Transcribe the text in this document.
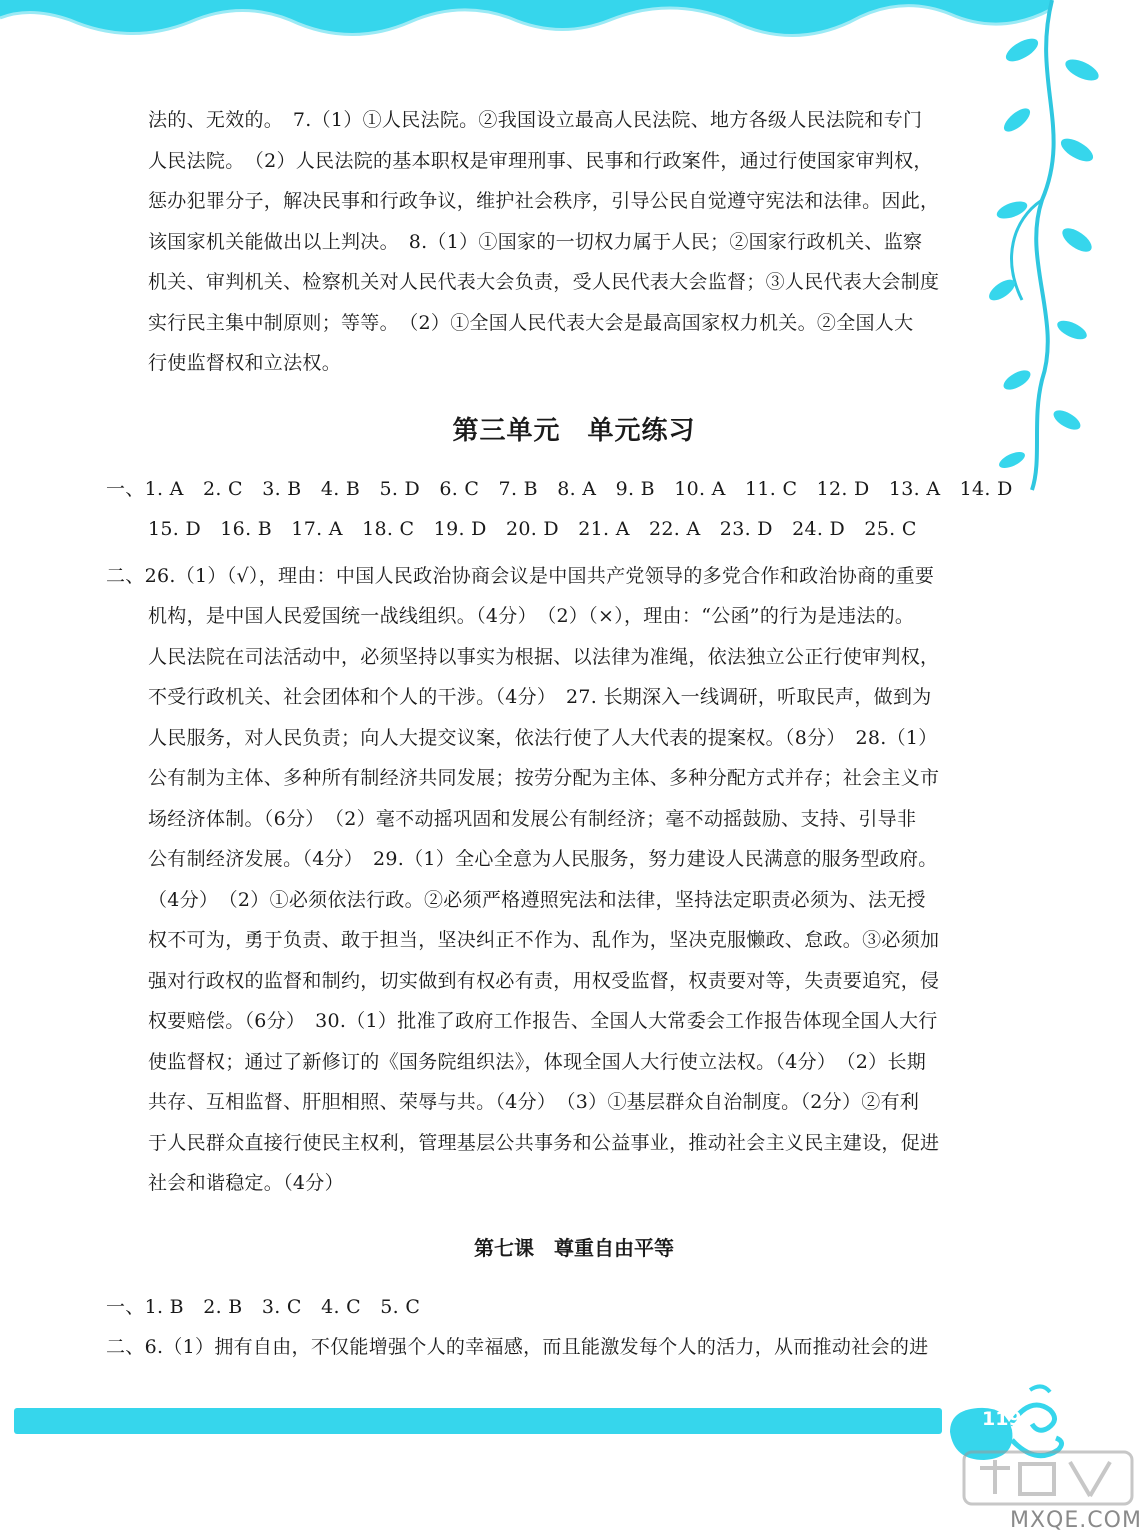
法的、无效的。　7.（1）①人民法院。②我国设立最高人民法院、地方各级人民法院和专门

人民法院。　（2）人民法院的基本职权是审理刑事、民事和行政案件，通过行使国家审判权，

惩办犯罪分子，解决民事和行政争议，维护社会秩序，引导公民自觉遵守宪法和法律。因此，

该国家机关能做出以上判决。　8.（1）①国家的一切权力属于人民；②国家行政机关、监察

机关、审判机关、检察机关对人民代表大会负责，受人民代表大会监督；③人民代表大会制度

实行民主集中制原则；等等。　（2）①全国人民代表大会是最高国家权力机关。②全国人大

行使监督权和立法权。

第三单元　单元练习

一、1. A　2. C　3. B　4. B　5. D　6. C　7. B　8. A　9. B　10. A　11. C　12. D　13. A　14. D

15. D　16. B　17. A　18. C　19. D　20. D　21. A　22. A　23. D　24. D　25. C

二、26.（1）（√），理由：中国人民政治协商会议是中国共产党领导的多党合作和政治协商的重要

机构，是中国人民爱国统一战线组织。（4分）　（2）（×），理由：“公函”的行为是违法的。

人民法院在司法活动中，必须坚持以事实为根据、以法律为准绳，依法独立公正行使审判权，

不受行政机关、社会团体和个人的干涉。（4分）　27. 长期深入一线调研，听取民声，做到为

人民服务，对人民负责；向人大提交议案，依法行使了人大代表的提案权。（8分）　28.（1）

公有制为主体、多种所有制经济共同发展；按劳分配为主体、多种分配方式并存；社会主义市

场经济体制。（6分）　（2）毫不动摇巩固和发展公有制经济；毫不动摇鼓励、支持、引导非

公有制经济发展。（4分）　29.（1）全心全意为人民服务，努力建设人民满意的服务型政府。

（4分）　（2）①必须依法行政。②必须严格遵照宪法和法律，坚持法定职责必须为、法无授

权不可为，勇于负责、敢于担当，坚决纠正不作为、乱作为，坚决克服懒政、怠政。③必须加

强对行政权的监督和制约，切实做到有权必有责，用权受监督，权责要对等，失责要追究，侵

权要赔偿。（6分）　30.（1）批准了政府工作报告、全国人大常委会工作报告体现全国人大行

使监督权；通过了新修订的《国务院组织法》，体现全国人大行使立法权。（4分）　（2）长期

共存、互相监督、肝胆相照、荣辱与共。（4分）　（3）①基层群众自治制度。（2分）②有利

于人民群众直接行使民主权利，管理基层公共事务和公益事业，推动社会主义民主建设，促进

社会和谐稳定。（4分）

第七课　尊重自由平等

一、1. B　2. B　3. C　4. C　5. C

二、6.（1）拥有自由，不仅能增强个人的幸福感，而且能激发每个人的活力，从而推动社会的进

119
MXQE.COM
